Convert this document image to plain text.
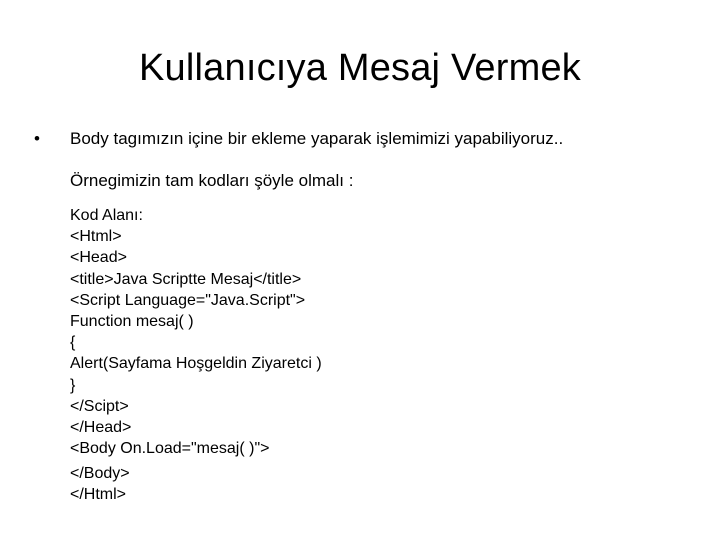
Kullanıcıya Mesaj Vermek
•	Body tagımızın içine bir ekleme yaparak işlemimizi yapabiliyoruz..
Örnegimizin tam kodları şöyle olmalı :
Kod Alanı:
<Html>
<Head>
<title>Java Scriptte Mesaj</title>
<Script Language="Java.Script">
Function mesaj( )
{
Alert(Sayfama Hoşgeldin Ziyaretci )
}
</Scipt>
</Head>
<Body On.Load="mesaj( )">
</Body>
</Html>
